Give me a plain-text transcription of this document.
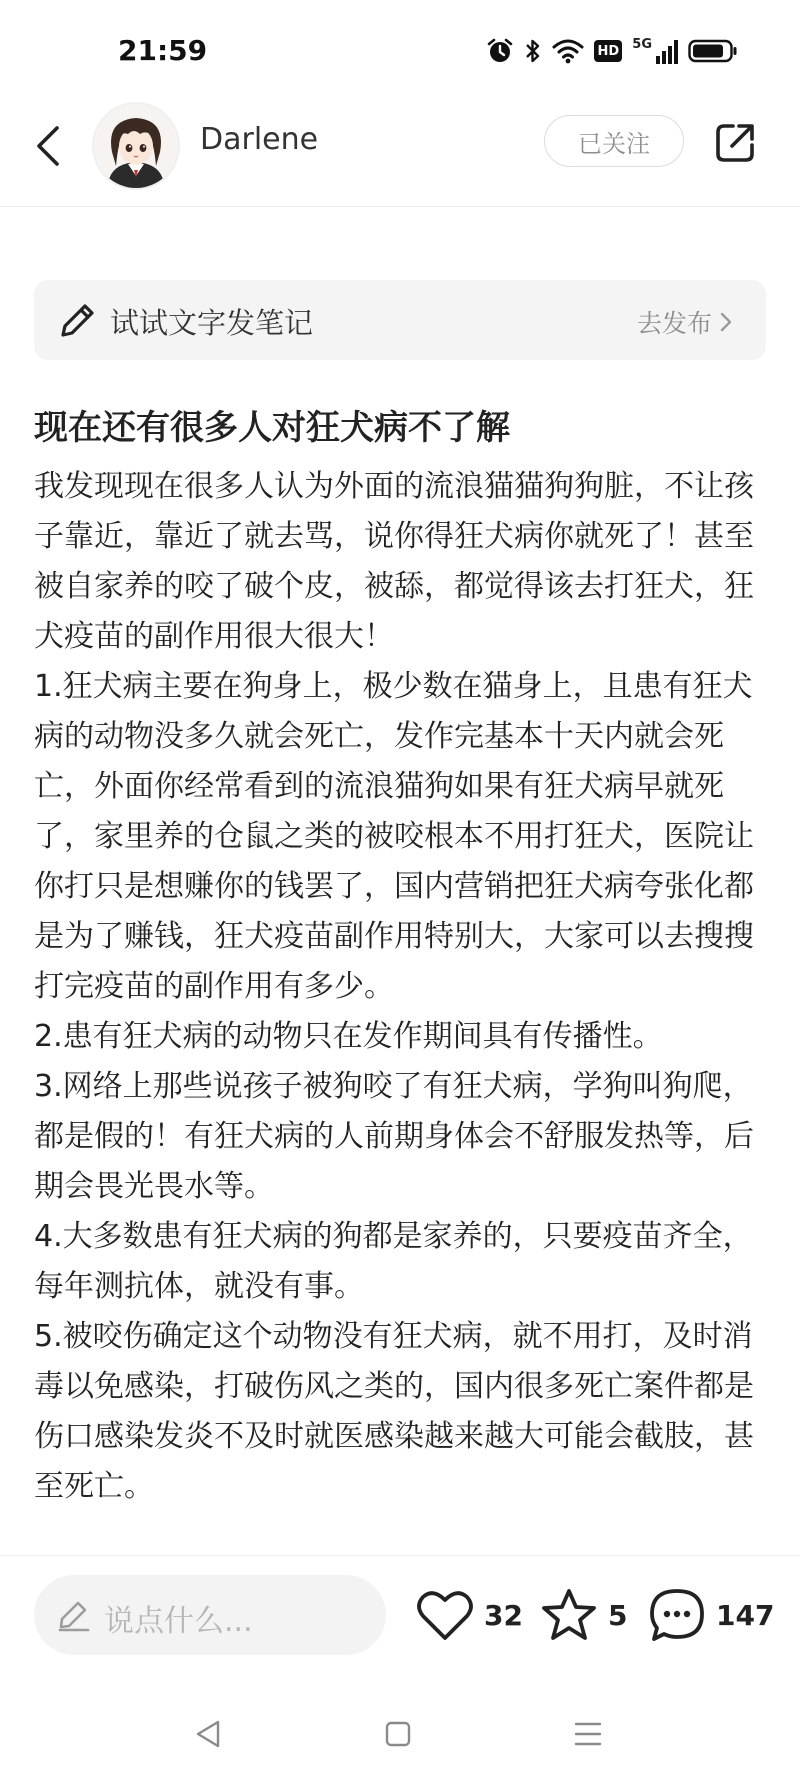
21:59	HD 5G
Darlene	已关注
试试文字发笔记	去发布
现在还有很多人对狂犬病不了解

我发现现在很多人认为外面的流浪猫猫狗狗脏，不让孩子靠近，靠近了就去骂，说你得狂犬病你就死了！甚至被自家养的咬了破个皮，被舔，都觉得该去打狂犬，狂犬疫苗的副作用很大很大！

1.狂犬病主要在狗身上，极少数在猫身上，且患有狂犬病的动物没多久就会死亡，发作完基本十天内就会死亡，外面你经常看到的流浪猫狗如果有狂犬病早就死了，家里养的仓鼠之类的被咬根本不用打狂犬，医院让你打只是想赚你的钱罢了，国内营销把狂犬病夸张化都是为了赚钱，狂犬疫苗副作用特别大，大家可以去搜搜打完疫苗的副作用有多少。

2.患有狂犬病的动物只在发作期间具有传播性。

3.网络上那些说孩子被狗咬了有狂犬病，学狗叫狗爬，都是假的！有狂犬病的人前期身体会不舒服发热等，后期会畏光畏水等。

4.大多数患有狂犬病的狗都是家养的，只要疫苗齐全，每年测抗体，就没有事。

5.被咬伤确定这个动物没有狂犬病，就不用打，及时消毒以免感染，打破伤风之类的，国内很多死亡案件都是伤口感染发炎不及时就医感染越来越大可能会截肢，甚至死亡。

说点什么...	32	5	147
